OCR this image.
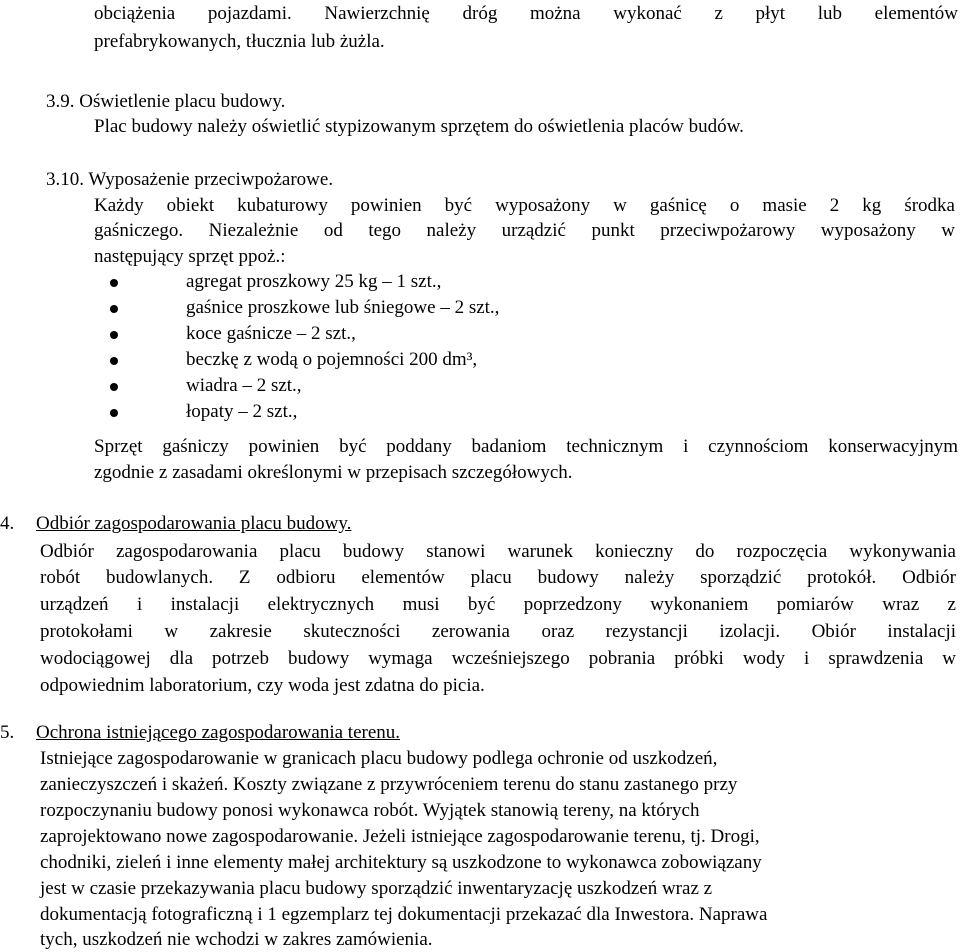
obciążenia pojazdami. Nawierzchnię dróg można wykonać z płyt lub elementów
prefabrykowanych, tłucznia lub żużla.
3.9. Oświetlenie placu budowy.
Plac budowy należy oświetlić stypizowanym sprzętem do oświetlenia placów budów.
3.10. Wyposażenie przeciwpożarowe.
Każdy obiekt kubaturowy powinien być wyposażony w gaśnicę o masie 2 kg środka
gaśniczego. Niezależnie od tego należy urządzić punkt przeciwpożarowy wyposażony w
następujący sprzęt ppoż.:
agregat proszkowy 25 kg – 1 szt.,
gaśnice proszkowe lub śniegowe – 2 szt.,
koce gaśnicze – 2 szt.,
beczkę z wodą o pojemności 200 dm³,
wiadra – 2 szt.,
łopaty – 2 szt.,
Sprzęt gaśniczy powinien być poddany badaniom technicznym i czynnościom konserwacyjnym
zgodnie z zasadami określonymi w przepisach szczegółowych.
4. Odbiór zagospodarowania placu budowy.
Odbiór zagospodarowania placu budowy stanowi warunek konieczny do rozpoczęcia wykonywania
robót budowlanych. Z odbioru elementów placu budowy należy sporządzić protokół. Odbiór
urządzeń i instalacji elektrycznych musi być poprzedzony wykonaniem pomiarów wraz z
protokołami w zakresie skuteczności zerowania oraz rezystancji izolacji. Obiór instalacji
wodociągowej dla potrzeb budowy wymaga wcześniejszego pobrania próbki wody i sprawdzenia w
odpowiednim laboratorium, czy woda jest zdatna do picia.
5. Ochrona istniejącego zagospodarowania terenu.
Istniejące zagospodarowanie w granicach placu budowy podlega ochronie od uszkodzeń,
zanieczyszczeń i skażeń. Koszty związane z przywróceniem terenu do stanu zastanego przy
rozpoczynaniu budowy ponosi wykonawca robót. Wyjątek stanowią tereny, na których
zaprojektowano nowe zagospodarowanie. Jeżeli istniejące zagospodarowanie terenu, tj. Drogi,
chodniki, zieleń i inne elementy małej architektury są uszkodzone to wykonawca zobowiązany
jest w czasie przekazywania placu budowy sporządzić inwentaryzację uszkodzeń wraz z
dokumentacją fotograficzną i 1 egzemplarz tej dokumentacji przekazać dla Inwestora. Naprawa
tych, uszkodzeń nie wchodzi w zakres zamówienia.
